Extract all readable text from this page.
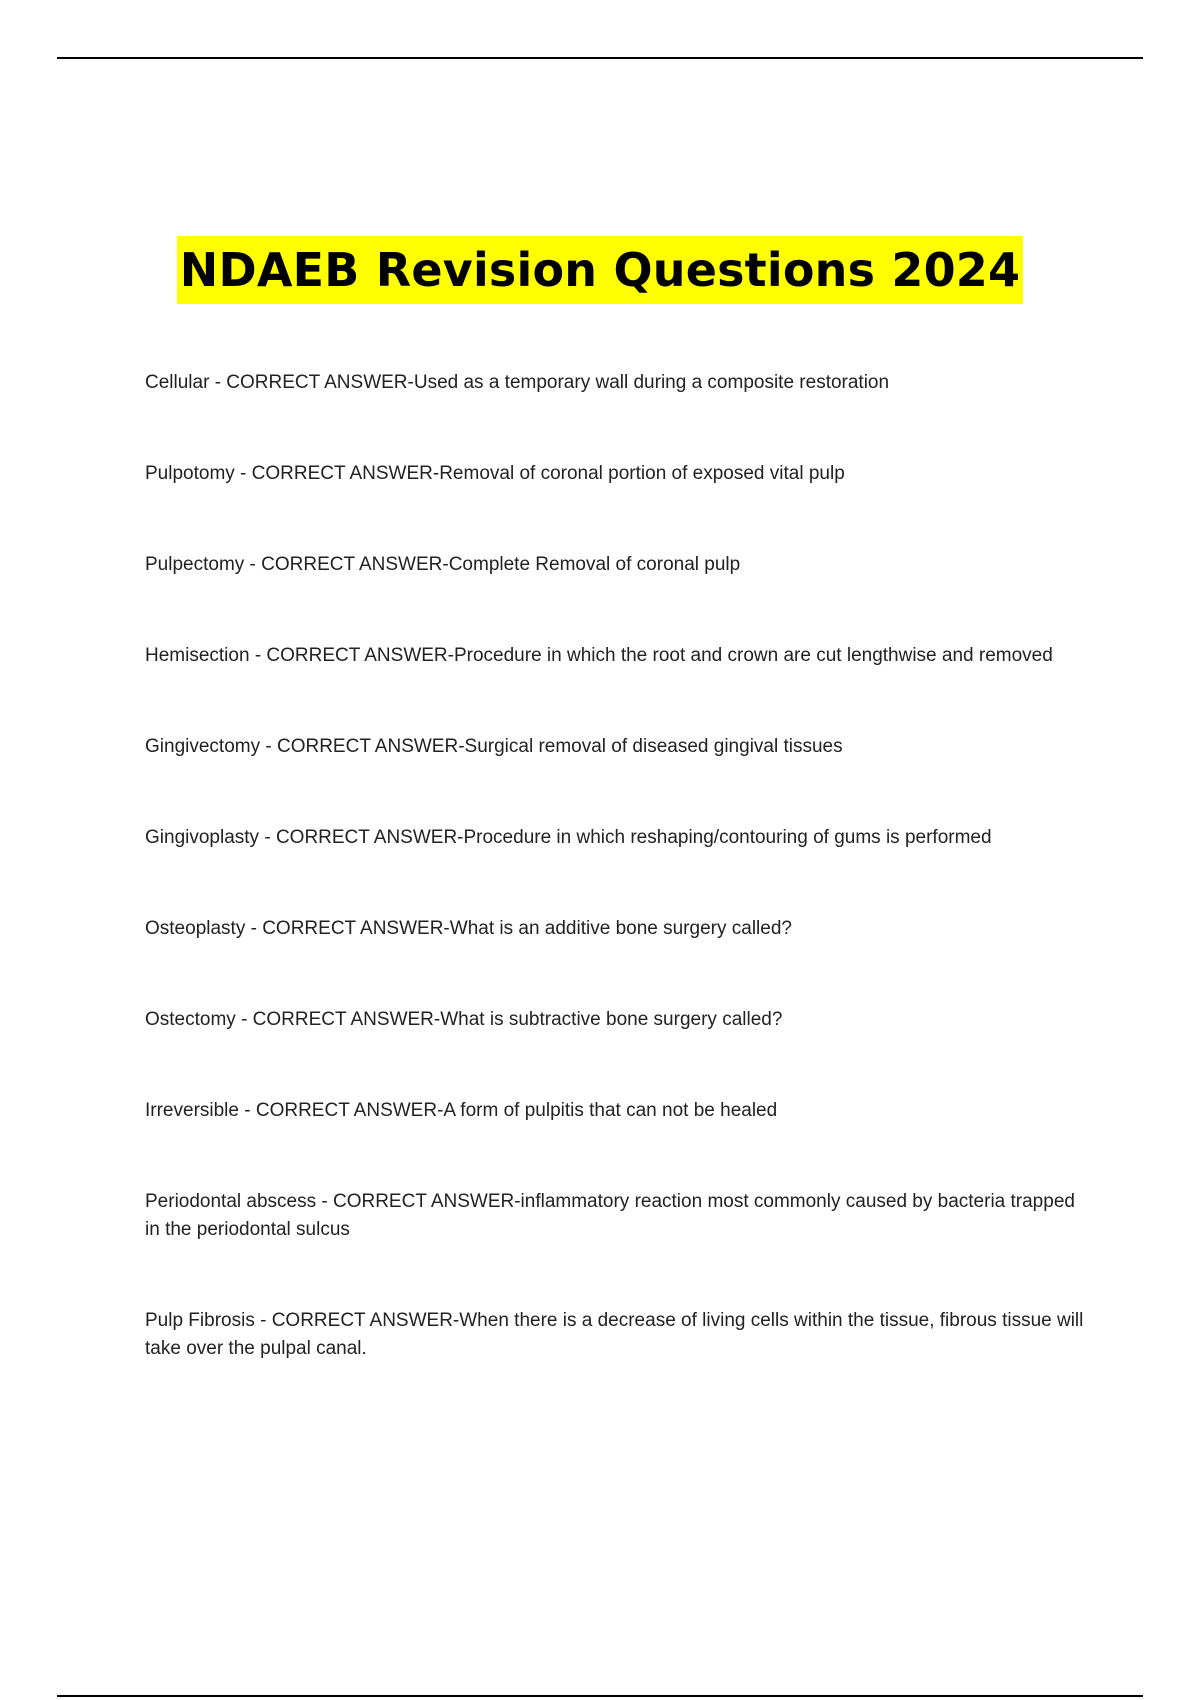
NDAEB Revision Questions 2024
Cellular - CORRECT ANSWER-Used as a temporary wall during a composite restoration
Pulpotomy - CORRECT ANSWER-Removal of coronal portion of exposed vital pulp
Pulpectomy - CORRECT ANSWER-Complete Removal of coronal pulp
Hemisection - CORRECT ANSWER-Procedure in which the root and crown are cut lengthwise and removed
Gingivectomy - CORRECT ANSWER-Surgical removal of diseased gingival tissues
Gingivoplasty - CORRECT ANSWER-Procedure in which reshaping/contouring of gums is performed
Osteoplasty - CORRECT ANSWER-What is an additive bone surgery called?
Ostectomy - CORRECT ANSWER-What is subtractive bone surgery called?
Irreversible - CORRECT ANSWER-A form of pulpitis that can not be healed
Periodontal abscess - CORRECT ANSWER-inflammatory reaction most commonly caused by bacteria trapped in the periodontal sulcus
Pulp Fibrosis - CORRECT ANSWER-When there is a decrease of living cells within the tissue, fibrous tissue will take over the pulpal canal.
